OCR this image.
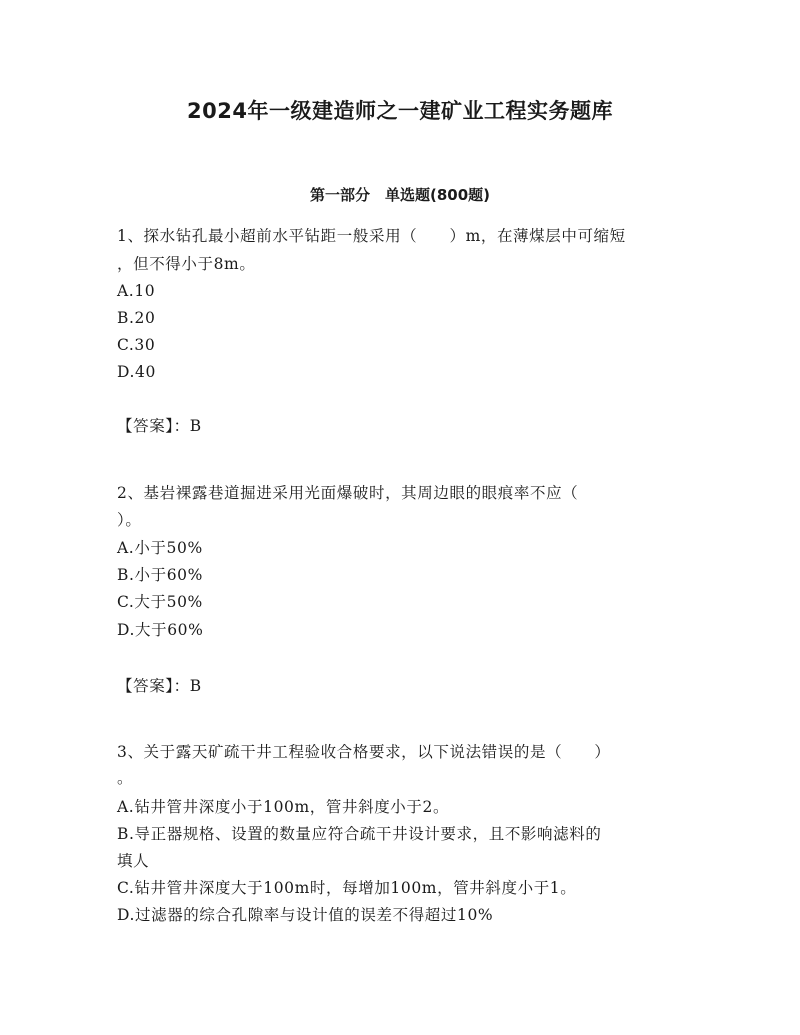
2024年一级建造师之一建矿业工程实务题库
第一部分　单选题(800题)
1、探水钻孔最小超前水平钻距一般采用（　　）m，在薄煤层中可缩短
，但不得小于8m。
A.10
B.20
C.30
D.40
【答案】：B
2、基岩裸露巷道掘进采用光面爆破时，其周边眼的眼痕率不应（
）。
A.小于50%
B.小于60%
C.大于50%
D.大于60%
【答案】：B
3、关于露天矿疏干井工程验收合格要求，以下说法错误的是（　　）
。
A.钻井管井深度小于100m，管井斜度小于2。
B.导正器规格、设置的数量应符合疏干井设计要求，且不影响滤料的
填人
C.钻井管井深度大于100m时，每增加100m，管井斜度小于1。
D.过滤器的综合孔隙率与设计值的误差不得超过10%
